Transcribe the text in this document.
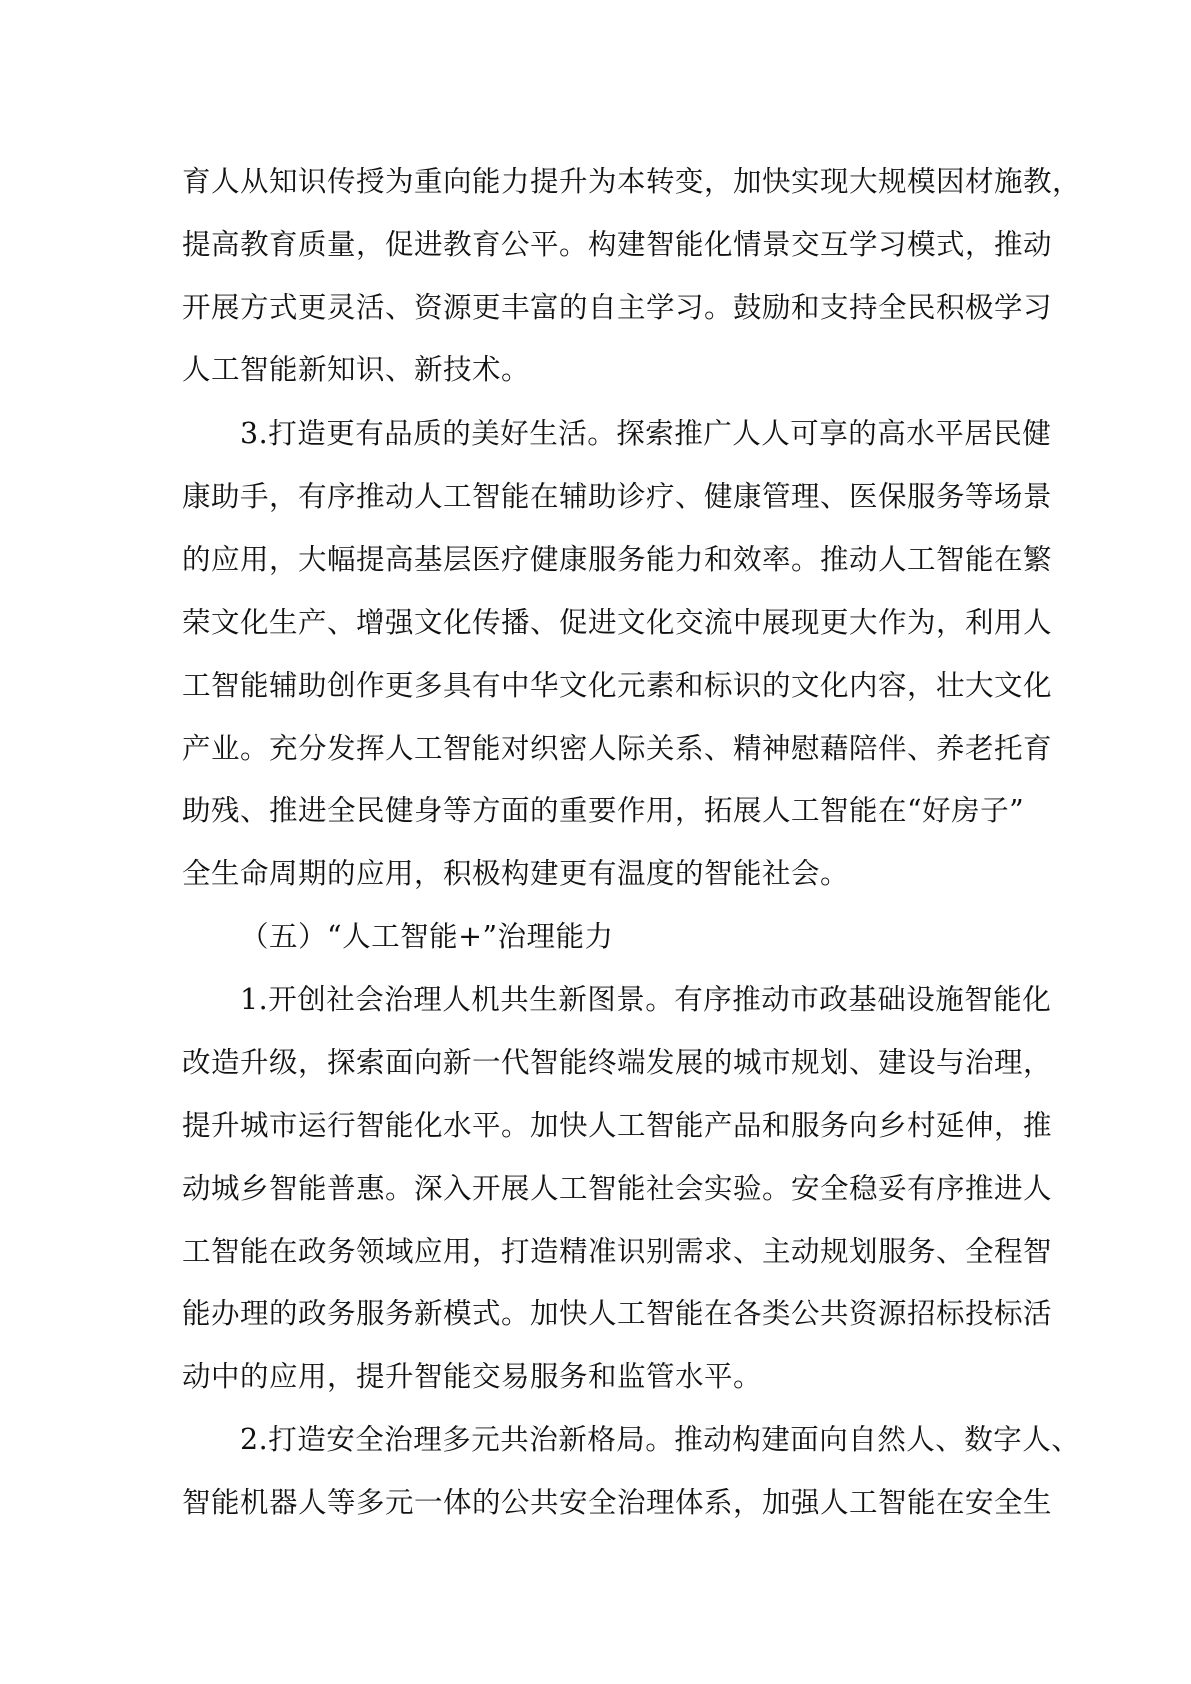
育人从知识传授为重向能力提升为本转变，加快实现大规模因材施教，
提高教育质量，促进教育公平。构建智能化情景交互学习模式，推动
开展方式更灵活、资源更丰富的自主学习。鼓励和支持全民积极学习
人工智能新知识、新技术。
3.打造更有品质的美好生活。探索推广人人可享的高水平居民健
康助手，有序推动人工智能在辅助诊疗、健康管理、医保服务等场景
的应用，大幅提高基层医疗健康服务能力和效率。推动人工智能在繁
荣文化生产、增强文化传播、促进文化交流中展现更大作为，利用人
工智能辅助创作更多具有中华文化元素和标识的文化内容，壮大文化
产业。充分发挥人工智能对织密人际关系、精神慰藉陪伴、养老托育
助残、推进全民健身等方面的重要作用，拓展人工智能在“好房子”
全生命周期的应用，积极构建更有温度的智能社会。
（五）“人工智能+”治理能力
1.开创社会治理人机共生新图景。有序推动市政基础设施智能化
改造升级，探索面向新一代智能终端发展的城市规划、建设与治理，
提升城市运行智能化水平。加快人工智能产品和服务向乡村延伸，推
动城乡智能普惠。深入开展人工智能社会实验。安全稳妥有序推进人
工智能在政务领域应用，打造精准识别需求、主动规划服务、全程智
能办理的政务服务新模式。加快人工智能在各类公共资源招标投标活
动中的应用，提升智能交易服务和监管水平。
2.打造安全治理多元共治新格局。推动构建面向自然人、数字人、
智能机器人等多元一体的公共安全治理体系，加强人工智能在安全生
